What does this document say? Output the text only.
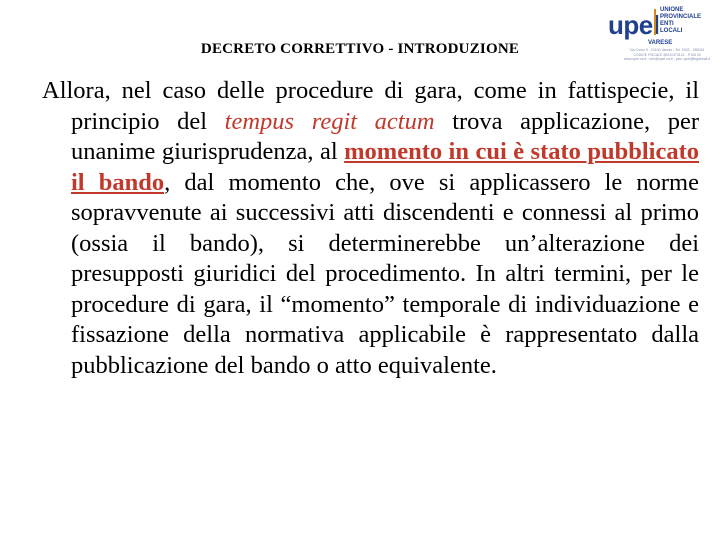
DECRETO CORRETTIVO - INTRODUZIONE
upel UNIONE
PROVINCIALE
ENTI
LOCALI
VARESE
Via Como 9 - 21100 Varese - Tel. 0332 - 285034
CODICE FISCALE 80011370121 - P.IVA 00
www.upel.va.it - info@upel.va.it - pec: upel@legalmail.it
Allora, nel caso delle procedure di gara, come in fattispecie, il principio del tempus regit actum trova applicazione, per unanime giurisprudenza, al momento in cui è stato pubblicato il bando, dal momento che, ove si applicassero le norme sopravvenute ai successivi atti discendenti e connessi al primo (ossia il bando), si determinerebbe un’alterazione dei presupposti giuridici del procedimento. In altri termini, per le procedure di gara, il “momento” temporale di individuazione e fissazione della normativa applicabile è rappresentato dalla pubblicazione del bando o atto equivalente.
